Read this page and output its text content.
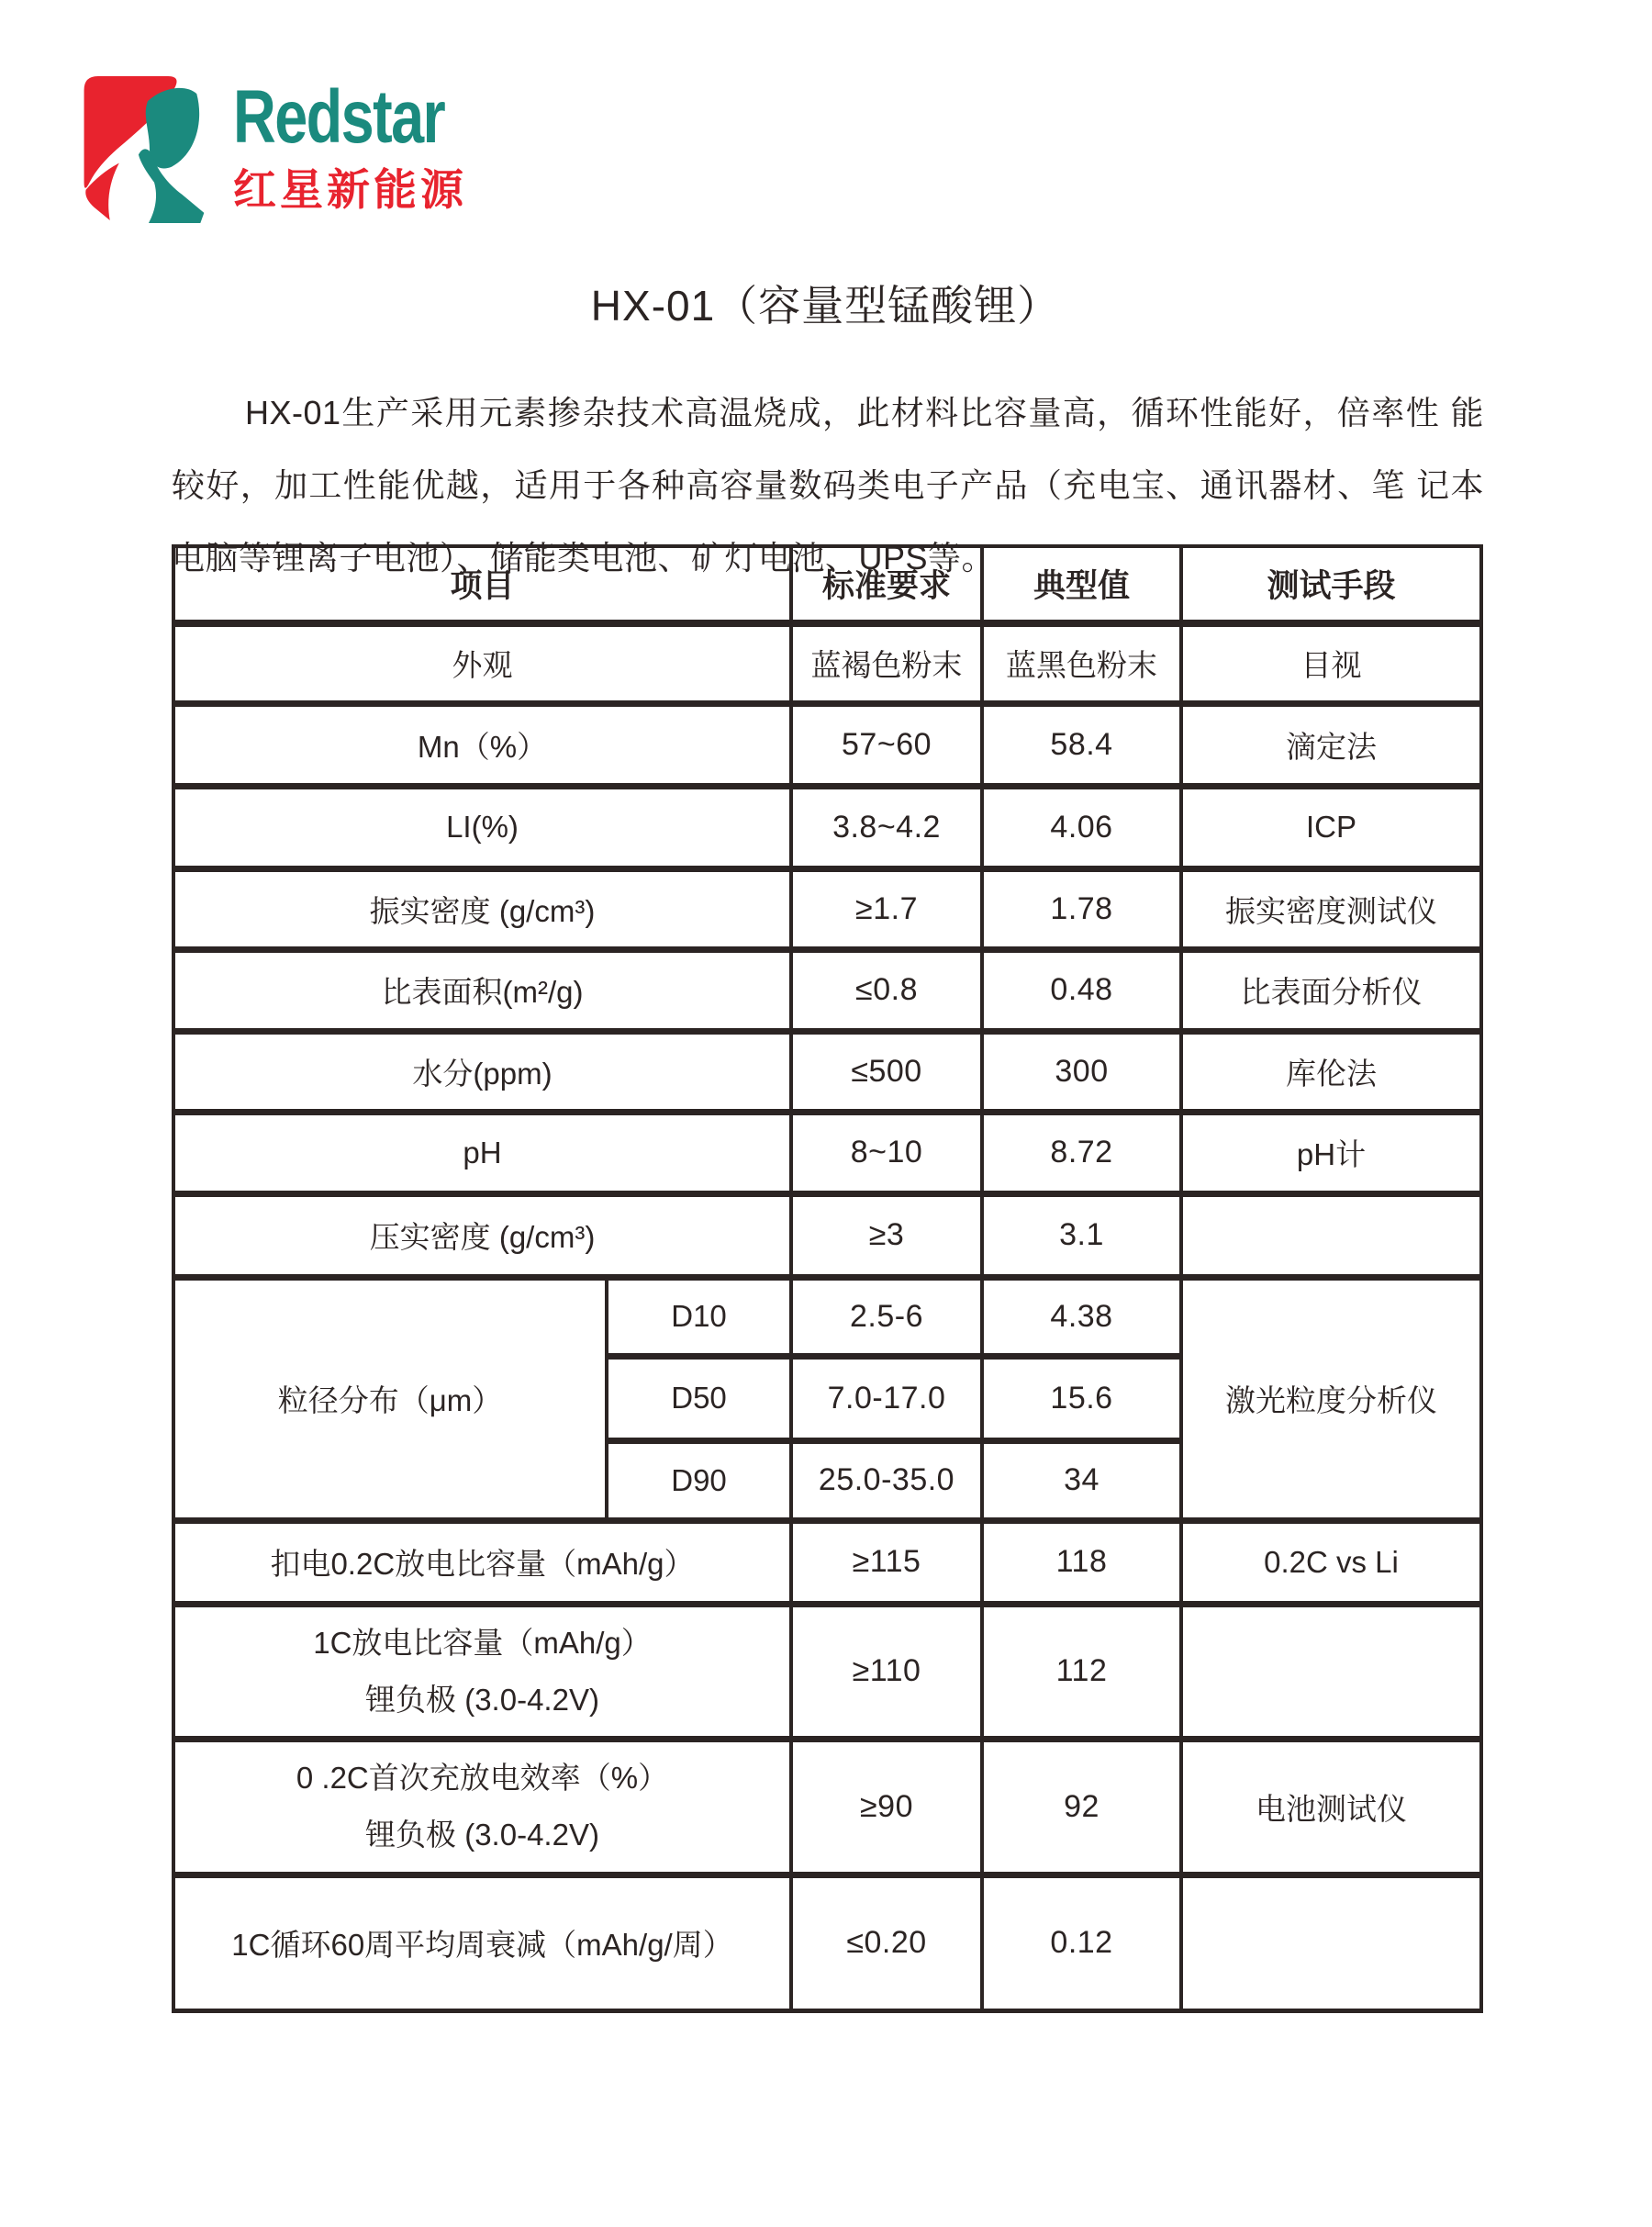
Redstar
红星新能源
HX-01（容量型锰酸锂）

HX-01生产采用元素掺杂技术高温烧成，此材料比容量高，循环性能好，倍率性 能较好，加工性能优越，适用于各种高容量数码类电子产品（充电宝、通讯器材、笔 记本电脑等锂离子电池）、储能类电池、矿灯电池、UPS等。

项目		标准要求	典型值	测试手段
外观		蓝褐色粉末	蓝黑色粉末	目视
Mn（%）		57~60	58.4	滴定法
LI(%)		3.8~4.2	4.06	ICP
振实密度 (g/cm³)		≥1.7	1.78	振实密度测试仪
比表面积(m²/g)		≤0.8	0.48	比表面分析仪
水分(ppm)		≤500	300	库伦法
pH		8~10	8.72	pH计
压实密度 (g/cm³)		≥3	3.1	
粒径分布（μm）	D10	2.5-6	4.38	激光粒度分析仪
	D50	7.0-17.0	15.6	
	D90	25.0-35.0	34	
扣电0.2C放电比容量（mAh/g）		≥115	118	0.2C vs Li

1C放电比容量（mAh/g）
锂负极 (3.0-4.2V)		≥110	112	

0 .2C首次充放电效率（%）
锂负极 (3.0-4.2V)		≥90	92	电池测试仪
1C循环60周平均周衰减（mAh/g/周）		≤0.20	0.12	
